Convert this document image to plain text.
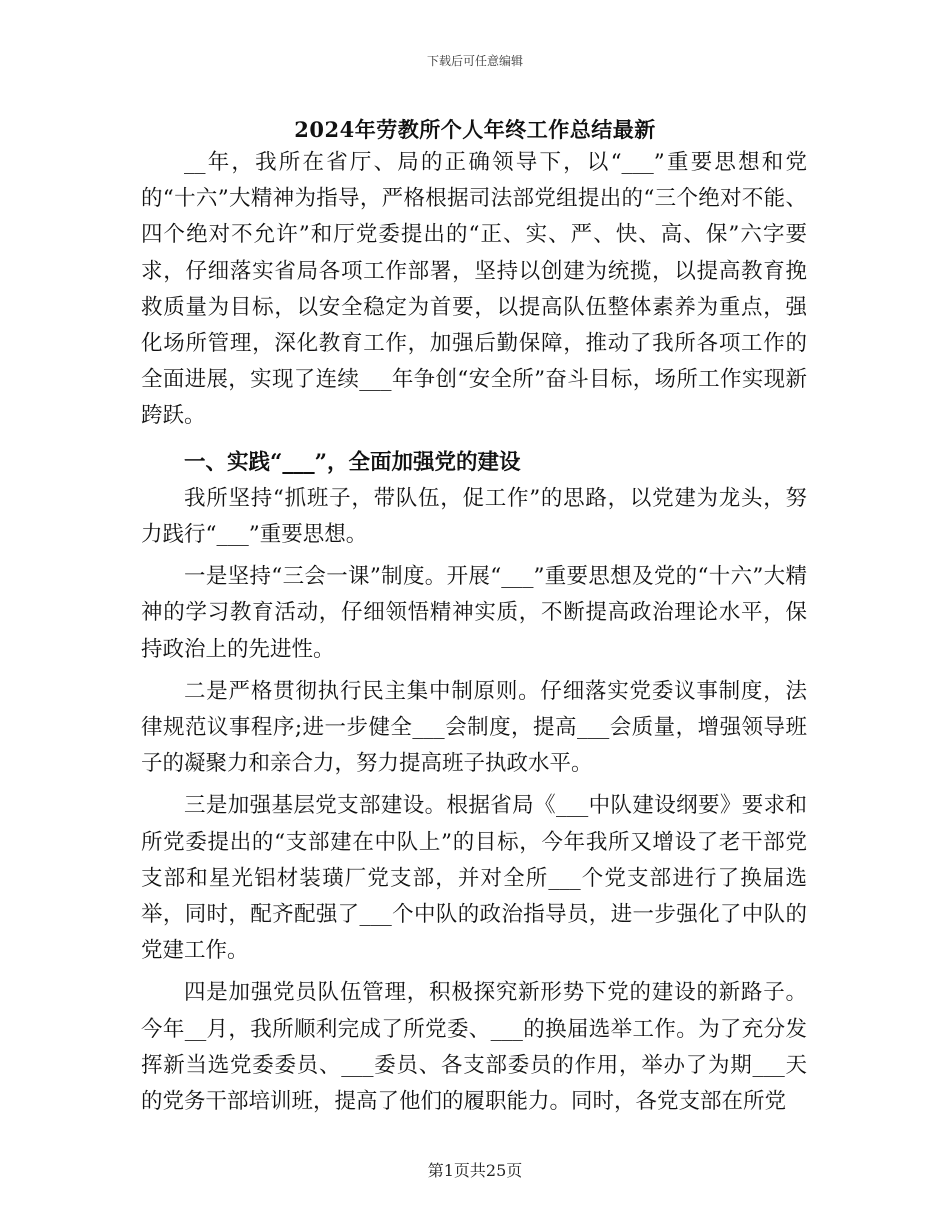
下载后可任意编辑
2024年劳教所个人年终工作总结最新

__年，我所在省厅、局的正确领导下，以“___”重要思想和党的“十六”大精神为指导，严格根据司法部党组提出的“三个绝对不能、四个绝对不允许”和厅党委提出的“正、实、严、快、高、保”六字要求，仔细落实省局各项工作部署，坚持以创建为统揽，以提高教育挽救质量为目标，以安全稳定为首要，以提高队伍整体素养为重点，强化场所管理，深化教育工作，加强后勤保障，推动了我所各项工作的全面进展，实现了连续___年争创“安全所”奋斗目标，场所工作实现新跨跃。

一、实践“___”，全面加强党的建设

我所坚持“抓班子，带队伍，促工作”的思路，以党建为龙头，努力践行“___”重要思想。

一是坚持“三会一课”制度。开展“___”重要思想及党的“十六”大精神的学习教育活动，仔细领悟精神实质，不断提高政治理论水平，保持政治上的先进性。

二是严格贯彻执行民主集中制原则。仔细落实党委议事制度，法律规范议事程序;进一步健全___会制度，提高___会质量，增强领导班子的凝聚力和亲合力，努力提高班子执政水平。

三是加强基层党支部建设。根据省局《___中队建设纲要》要求和所党委提出的“支部建在中队上”的目标，今年我所又增设了老干部党支部和星光铝材装璜厂党支部，并对全所___个党支部进行了换届选举，同时，配齐配强了___个中队的政治指导员，进一步强化了中队的党建工作。

四是加强党员队伍管理，积极探究新形势下党的建设的新路子。今年__月，我所顺利完成了所党委、___的换届选举工作。为了充分发挥新当选党委委员、___委员、各支部委员的作用，举办了为期___天的党务干部培训班，提高了他们的履职能力。同时，各党支部在所党

第1页共25页
